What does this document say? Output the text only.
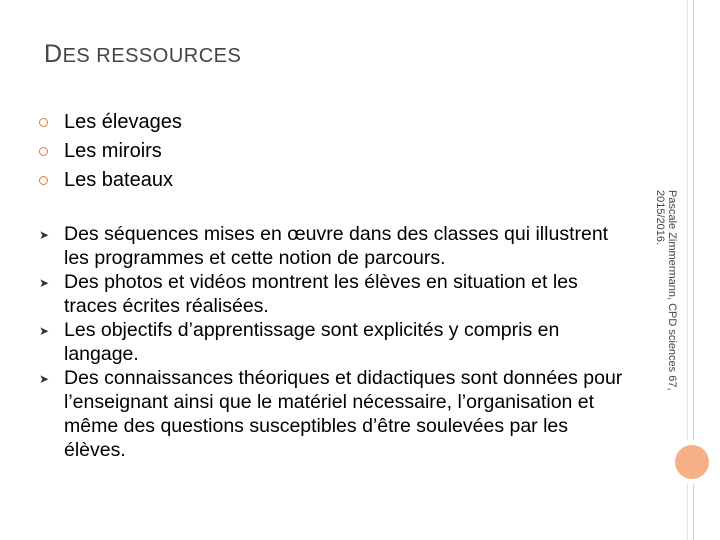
DES RESSOURCES
Les élevages
Les miroirs
Les bateaux
➤ Des séquences mises en œuvre dans des classes qui illustrent les programmes et cette notion de parcours.
➤ Des photos et vidéos montrent les élèves en situation et les traces écrites réalisées.
➤ Les objectifs d’apprentissage sont explicités y compris en langage.
➤ Des connaissances théoriques et didactiques sont données pour l’enseignant ainsi que le matériel nécessaire, l’organisation et même des questions susceptibles d’être soulevées par les élèves.
Pascale Zimmermann, CPD sciences 67,
2015/2016.
